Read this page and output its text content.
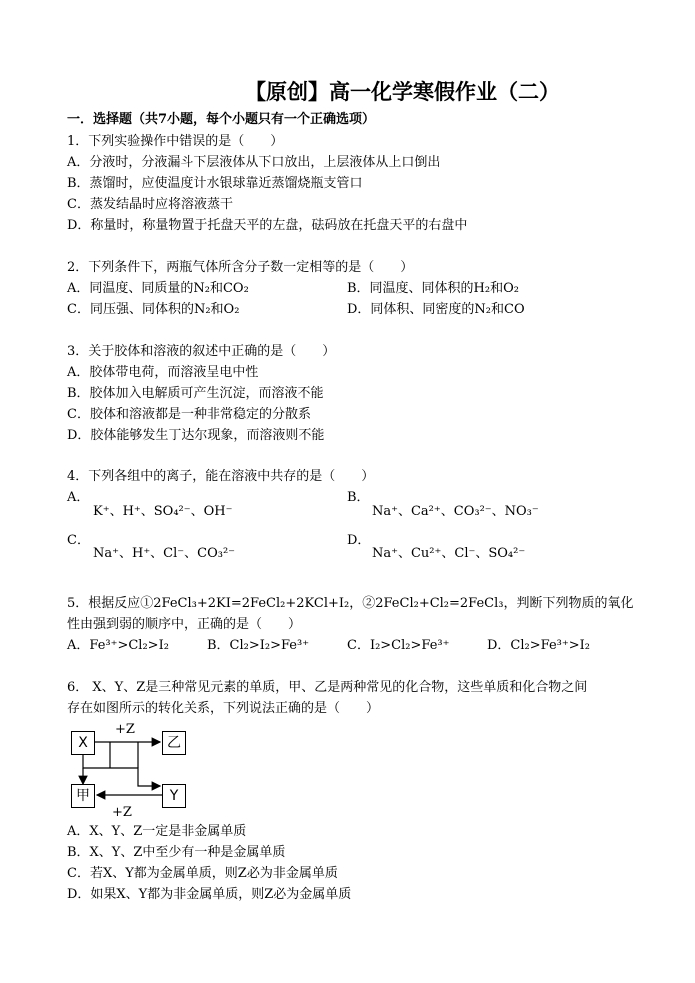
【原创】高一化学寒假作业（二）
一．选择题（共7小题，每个小题只有一个正确选项）
1．下列实验操作中错误的是（　　）
A．分液时，分液漏斗下层液体从下口放出，上层液体从上口倒出
B．蒸馏时，应使温度计水银球靠近蒸馏烧瓶支管口
C．蒸发结晶时应将溶液蒸干
D．称量时，称量物置于托盘天平的左盘，砝码放在托盘天平的右盘中
2．下列条件下，两瓶气体所含分子数一定相等的是（　　）
A．同温度、同质量的N₂和CO₂	B．同温度、同体积的H₂和O₂
C．同压强、同体积的N₂和O₂	D．同体积、同密度的N₂和CO
3．关于胶体和溶液的叙述中正确的是（　　）
A．胶体带电荷，而溶液呈电中性
B．胶体加入电解质可产生沉淀，而溶液不能
C．胶体和溶液都是一种非常稳定的分散系
D．胶体能够发生丁达尔现象，而溶液则不能
4．下列各组中的离子，能在溶液中共存的是（　　）
A．
K⁺、H⁺、SO₄²⁻、OH⁻
B．
Na⁺、Ca²⁺、CO₃²⁻、NO₃⁻
C．
Na⁺、H⁺、Cl⁻、CO₃²⁻
D．
Na⁺、Cu²⁺、Cl⁻、SO₄²⁻
5．根据反应①2FeCl₃+2KI=2FeCl₂+2KCl+I₂，②2FeCl₂+Cl₂=2FeCl₃，判断下列物质的氧化
性由强到弱的顺序中，正确的是（　　）
A．Fe³⁺>Cl₂>I₂	B．Cl₂>I₂>Fe³⁺	C．I₂>Cl₂>Fe³⁺	D．Cl₂>Fe³⁺>I₂
6． X、Y、Z是三种常见元素的单质，甲、乙是两种常见的化合物，这些单质和化合物之间
存在如图所示的转化关系，下列说法正确的是（　　）
X	乙
甲	Y
+Z
+Z
A．X、Y、Z一定是非金属单质
B．X、Y、Z中至少有一种是金属单质
C．若X、Y都为金属单质，则Z必为非金属单质
D．如果X、Y都为非金属单质，则Z必为金属单质
